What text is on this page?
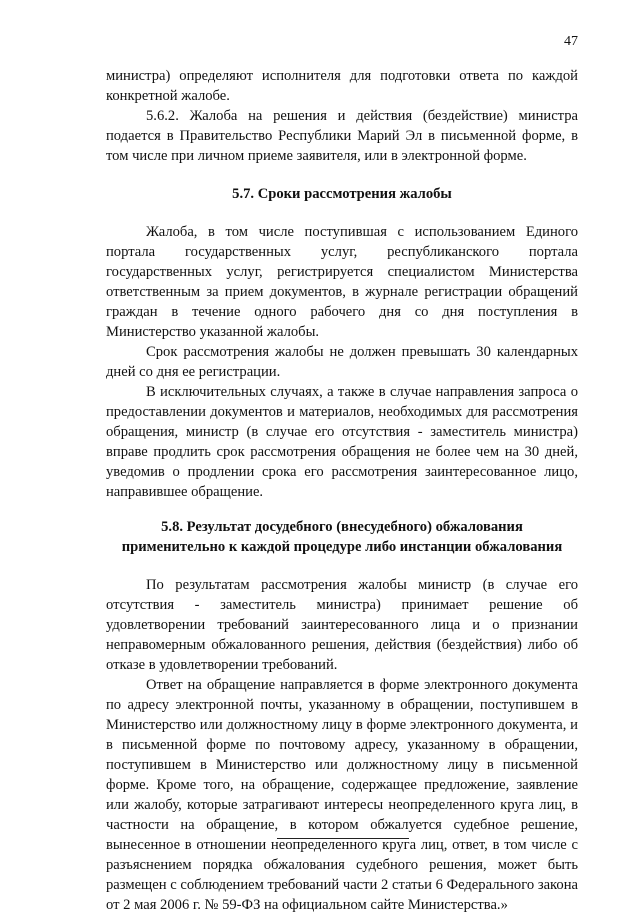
47

министра) определяют исполнителя для подготовки ответа по каждой конкретной жалобе.

5.6.2. Жалоба на решения и действия (бездействие) министра подается в Правительство Республики Марий Эл в письменной форме, в том числе при личном приеме заявителя, или в электронной форме.

5.7. Сроки рассмотрения жалобы

Жалоба, в том числе поступившая с использованием Единого портала государственных услуг, республиканского портала государственных услуг, регистрируется специалистом Министерства ответственным за прием документов, в журнале регистрации обращений граждан в течение одного рабочего дня со дня поступления в Министерство указанной жалобы.

Срок рассмотрения жалобы не должен превышать 30 календарных дней со дня ее регистрации.

В исключительных случаях, а также в случае направления запроса о предоставлении документов и материалов, необходимых для рассмотрения обращения, министр (в случае его отсутствия - заместитель министра) вправе продлить срок рассмотрения обращения не более чем на 30 дней, уведомив о продлении срока его рассмотрения заинтересованное лицо, направившее обращение.

5.8. Результат досудебного (внесудебного) обжалования
применительно к каждой процедуре либо инстанции обжалования

По результатам рассмотрения жалобы министр (в случае его отсутствия - заместитель министра) принимает решение об удовлетворении требований заинтересованного лица и о признании неправомерным обжалованного решения, действия (бездействия) либо об отказе в удовлетворении требований.

Ответ на обращение направляется в форме электронного документа по адресу электронной почты, указанному в обращении, поступившем в Министерство или должностному лицу в форме электронного документа, и в письменной форме по почтовому адресу, указанному в обращении, поступившем в Министерство или должностному лицу в письменной форме. Кроме того, на обращение, содержащее предложение, заявление или жалобу, которые затрагивают интересы неопределенного круга лиц, в частности на обращение, в котором обжалуется судебное решение, вынесенное в отношении неопределенного круга лиц, ответ, в том числе с разъяснением порядка обжалования судебного решения, может быть размещен с соблюдением требований части 2 статьи 6 Федерального закона от 2 мая 2006 г. № 59-ФЗ на официальном сайте Министерства.»
